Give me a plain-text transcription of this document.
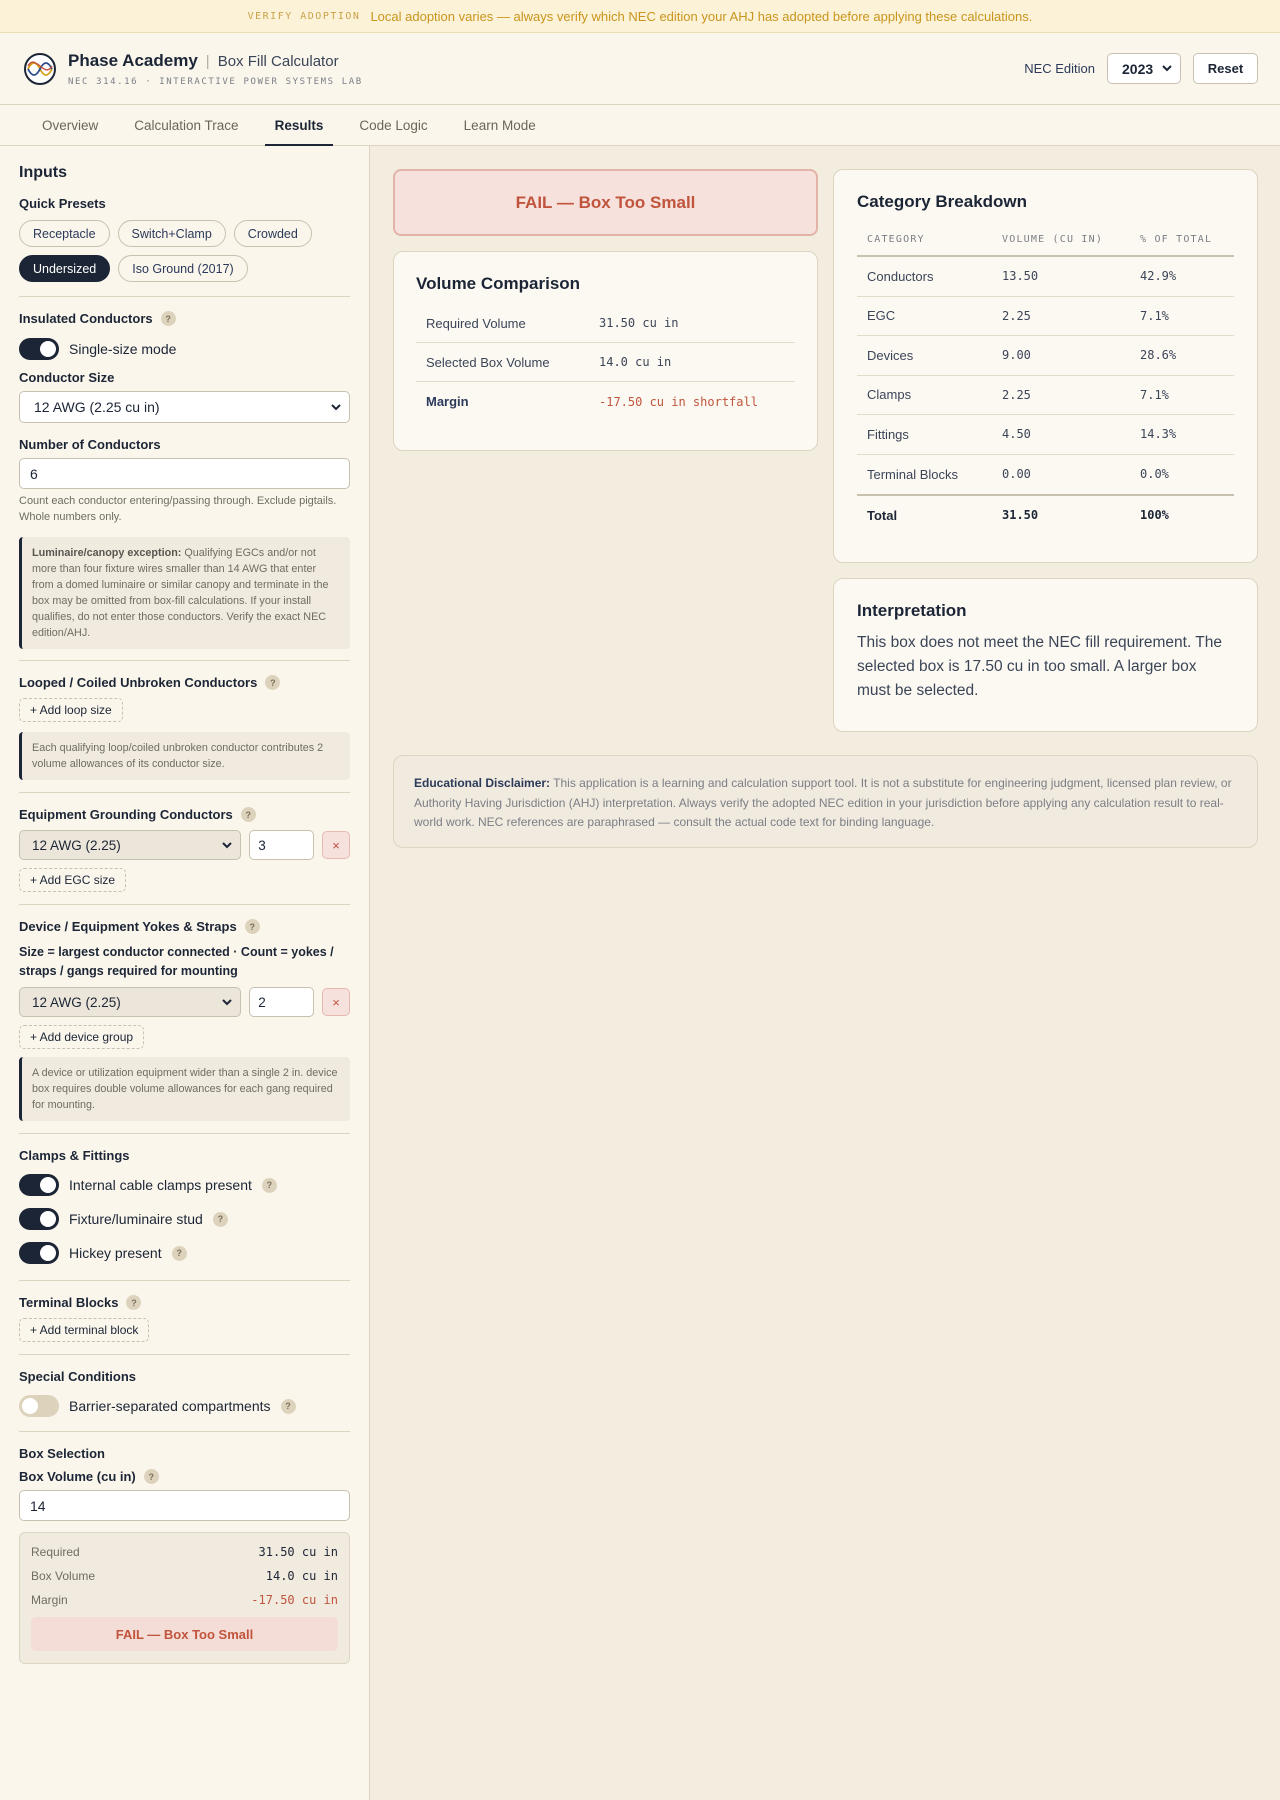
VERIFY ADOPTION Local adoption varies — always verify which NEC edition your AHJ has adopted before applying these calculations.
Phase Academy | Box Fill Calculator
NEC 314.16 · INTERACTIVE POWER SYSTEMS LAB
NEC Edition 2023	Reset
Overview	Calculation Trace	Results	Code Logic	Learn Mode
Inputs
Quick Presets
Receptacle	Switch+Clamp	Crowded
Undersized	Iso Ground (2017)
Insulated Conductors	?
Single-size mode
Conductor Size
12 AWG (2.25 cu in)
Number of Conductors
6
Count each conductor entering/passing through. Exclude pigtails. Whole numbers only.
Luminaire/canopy exception: Qualifying EGCs and/or not more than four fixture wires smaller than 14 AWG that enter from a domed luminaire or similar canopy and terminate in the box may be omitted from box-fill calculations. If your install qualifies, do not enter those conductors. Verify the exact NEC edition/AHJ.
Looped / Coiled Unbroken Conductors	?
+ Add loop size
Each qualifying loop/coiled unbroken conductor contributes 2 volume allowances of its conductor size.
Equipment Grounding Conductors	?
12 AWG (2.25)	3	×
+ Add EGC size
Device / Equipment Yokes & Straps	?
Size = largest conductor connected · Count = yokes / straps / gangs required for mounting
12 AWG (2.25)	2	×
+ Add device group
A device or utilization equipment wider than a single 2 in. device box requires double volume allowances for each gang required for mounting.
Clamps & Fittings
Internal cable clamps present	?
Fixture/luminaire stud	?
Hickey present	?
Terminal Blocks	?
+ Add terminal block
Special Conditions
Barrier-separated compartments	?
Box Selection
Box Volume (cu in)	?
14
Required	31.50 cu in
Box Volume	14.0 cu in
Margin	-17.50 cu in
FAIL — Box Too Small
FAIL — Box Too Small
Volume Comparison
Required Volume	31.50 cu in
Selected Box Volume	14.0 cu in
Margin	-17.50 cu in shortfall
Category Breakdown
CATEGORY	VOLUME (CU IN)	% OF TOTAL
Conductors	13.50	42.9%
EGC	2.25	7.1%
Devices	9.00	28.6%
Clamps	2.25	7.1%
Fittings	4.50	14.3%
Terminal Blocks	0.00	0.0%
Total	31.50	100%
Interpretation
This box does not meet the NEC fill requirement. The selected box is 17.50 cu in too small. A larger box must be selected.
Educational Disclaimer: This application is a learning and calculation support tool. It is not a substitute for engineering judgment, licensed plan review, or Authority Having Jurisdiction (AHJ) interpretation. Always verify the adopted NEC edition in your jurisdiction before applying any calculation result to real-world work. NEC references are paraphrased — consult the actual code text for binding language.
